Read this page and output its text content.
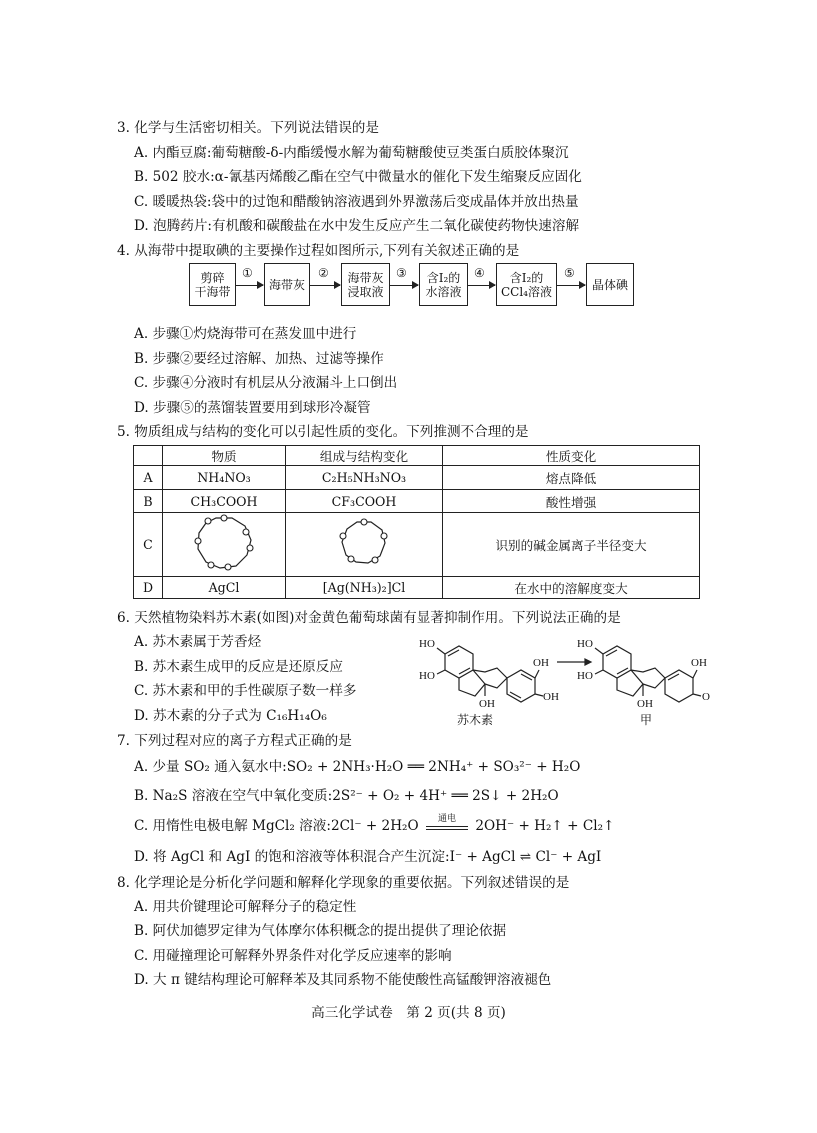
3. 化学与生活密切相关。下列说法错误的是
A. 内酯豆腐:葡萄糖酸-δ-内酯缓慢水解为葡萄糖酸使豆类蛋白质胶体聚沉
B. 502 胶水:α-氰基丙烯酸乙酯在空气中微量水的催化下发生缩聚反应固化
C. 暖暖热袋:袋中的过饱和醋酸钠溶液遇到外界激荡后变成晶体并放出热量
D. 泡腾药片:有机酸和碳酸盐在水中发生反应产生二氧化碳使药物快速溶解
4. 从海带中提取碘的主要操作过程如图所示,下列有关叙述正确的是
剪碎
干海带
①
海带灰
② 海带灰
浸取液
③ 含I₂的
水溶液
④	含I₂的
CCl₄溶液
⑤
晶体碘
A. 步骤①灼烧海带可在蒸发皿中进行
B. 步骤②要经过溶解、加热、过滤等操作
C. 步骤④分液时有机层从分液漏斗上口倒出
D. 步骤⑤的蒸馏装置要用到球形冷凝管
5. 物质组成与结构的变化可以引起性质的变化。下列推测不合理的是
	物质	组成与结构变化	性质变化
A	NH₄NO₃	C₂H₅NH₃NO₃	熔点降低
B	CH₃COOH	CF₃COOH	酸性增强
C			识别的碱金属离子半径变大
D	AgCl	[Ag(NH₃)₂]Cl	在水中的溶解度变大
6. 天然植物染料苏木素(如图)对金黄色葡萄球菌有显著抑制作用。下列说法正确的是
A. 苏木素属于芳香烃
B. 苏木素生成甲的反应是还原反应
C. 苏木素和甲的手性碳原子数一样多
D. 苏木素的分子式为 C₁₆H₁₄O₆
HO
HO
OH
OH
OH
苏木素
HO
HO
OH
O
OH
甲
7. 下列过程对应的离子方程式正确的是
A. 少量 SO₂ 通入氨水中:SO₂ + 2NH₃·H₂O ══ 2NH₄⁺ + SO₃²⁻ + H₂O
B. Na₂S 溶液在空气中氧化变质:2S²⁻ + O₂ + 4H⁺ ══ 2S↓ + 2H₂O
C. 用惰性电极电解 MgCl₂ 溶液:2Cl⁻ + 2H₂O	通电	2OH⁻ + H₂↑ + Cl₂↑
D. 将 AgCl 和 AgI 的饱和溶液等体积混合产生沉淀:I⁻ + AgCl ⇌ Cl⁻ + AgI
8. 化学理论是分析化学问题和解释化学现象的重要依据。下列叙述错误的是
A. 用共价键理论可解释分子的稳定性
B. 阿伏加德罗定律为气体摩尔体积概念的提出提供了理论依据
C. 用碰撞理论可解释外界条件对化学反应速率的影响
D. 大 π 键结构理论可解释苯及其同系物不能使酸性高锰酸钾溶液褪色
高三化学试卷　第 2 页(共 8 页)
